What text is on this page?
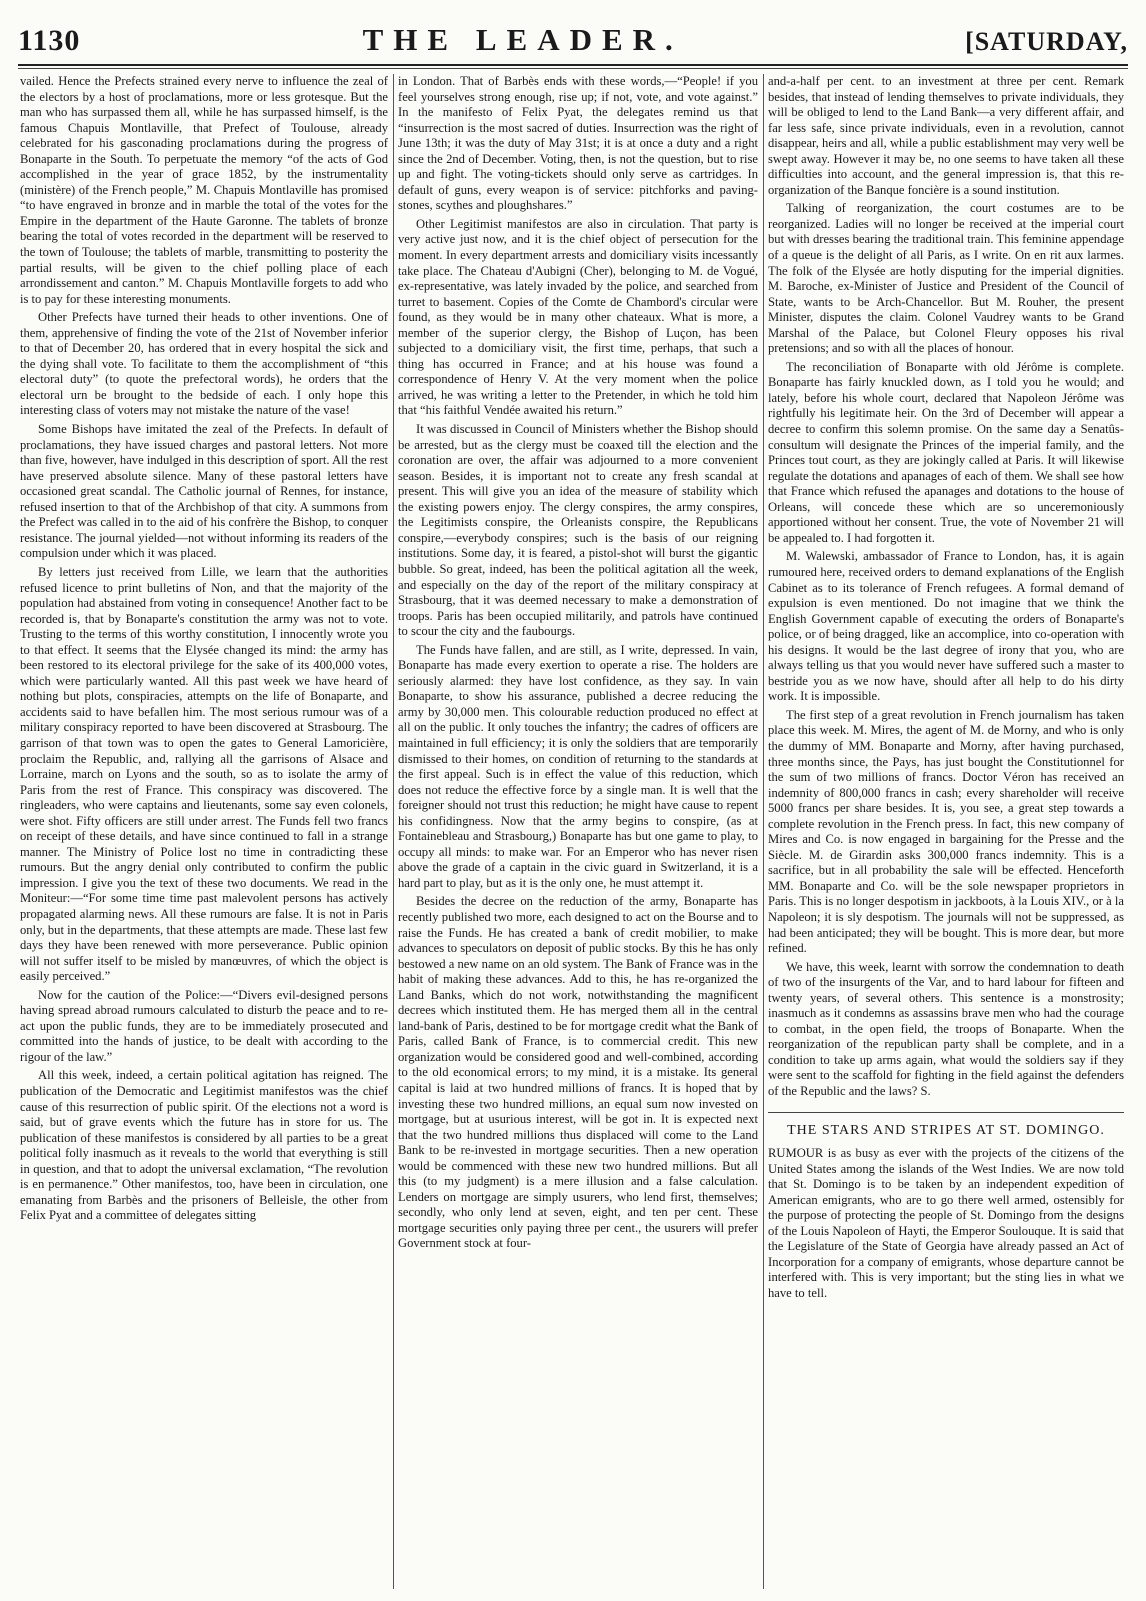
1130	THE LEADER.	[SATURDAY,

vailed. Hence the Prefects strained every nerve to influence the zeal of the electors by a host of proclamations, more or less grotesque. But the man who has surpassed them all, while he has surpassed himself, is the famous Chapuis Montlaville, that Prefect of Toulouse, already celebrated for his gasconading proclamations during the progress of Bonaparte in the South. To perpetuate the memory “of the acts of God accomplished in the year of grace 1852, by the instrumentality (ministère) of the French people,” M. Chapuis Montlaville has promised “to have engraved in bronze and in marble the total of the votes for the Empire in the department of the Haute Garonne. The tablets of bronze bearing the total of votes recorded in the department will be reserved to the town of Toulouse; the tablets of marble, transmitting to posterity the partial results, will be given to the chief polling place of each arrondissement and canton.” M. Chapuis Montlaville forgets to add who is to pay for these interesting monuments.

Other Prefects have turned their heads to other inventions. One of them, apprehensive of finding the vote of the 21st of November inferior to that of December 20, has ordered that in every hospital the sick and the dying shall vote. To facilitate to them the accomplishment of “this electoral duty” (to quote the prefectoral words), he orders that the electoral urn be brought to the bedside of each. I only hope this interesting class of voters may not mistake the nature of the vase!

Some Bishops have imitated the zeal of the Prefects. In default of proclamations, they have issued charges and pastoral letters. Not more than five, however, have indulged in this description of sport. All the rest have preserved absolute silence. Many of these pastoral letters have occasioned great scandal. The Catholic journal of Rennes, for instance, refused insertion to that of the Archbishop of that city. A summons from the Prefect was called in to the aid of his confrère the Bishop, to conquer resistance. The journal yielded—not without informing its readers of the compulsion under which it was placed.

By letters just received from Lille, we learn that the authorities refused licence to print bulletins of Non, and that the majority of the population had abstained from voting in consequence! Another fact to be recorded is, that by Bonaparte's constitution the army was not to vote. Trusting to the terms of this worthy constitution, I innocently wrote you to that effect. It seems that the Elysée changed its mind: the army has been restored to its electoral privilege for the sake of its 400,000 votes, which were particularly wanted. All this past week we have heard of nothing but plots, conspiracies, attempts on the life of Bonaparte, and accidents said to have befallen him. The most serious rumour was of a military conspiracy reported to have been discovered at Strasbourg. The garrison of that town was to open the gates to General Lamoricière, proclaim the Republic, and, rallying all the garrisons of Alsace and Lorraine, march on Lyons and the south, so as to isolate the army of Paris from the rest of France. This conspiracy was discovered. The ringleaders, who were captains and lieutenants, some say even colonels, were shot. Fifty officers are still under arrest. The Funds fell two francs on receipt of these details, and have since continued to fall in a strange manner. The Ministry of Police lost no time in contradicting these rumours. But the angry denial only contributed to confirm the public impression. I give you the text of these two documents. We read in the Moniteur:—“For some time time past malevolent persons has actively propagated alarming news. All these rumours are false. It is not in Paris only, but in the departments, that these attempts are made. These last few days they have been renewed with more perseverance. Public opinion will not suffer itself to be misled by manœuvres, of which the object is easily perceived.”

Now for the caution of the Police:—“Divers evil-designed persons having spread abroad rumours calculated to disturb the peace and to re-act upon the public funds, they are to be immediately prosecuted and committed into the hands of justice, to be dealt with according to the rigour of the law.”

All this week, indeed, a certain political agitation has reigned. The publication of the Democratic and Legitimist manifestos was the chief cause of this resurrection of public spirit. Of the elections not a word is said, but of grave events which the future has in store for us. The publication of these manifestos is considered by all parties to be a great political folly inasmuch as it reveals to the world that everything is still in question, and that to adopt the universal exclamation, “The revolution is en permanence.” Other manifestos, too, have been in circulation, one emanating from Barbès and the prisoners of Belleisle, the other from Felix Pyat and a committee of delegates sitting

in London. That of Barbès ends with these words,—“People! if you feel yourselves strong enough, rise up; if not, vote, and vote against.” In the manifesto of Felix Pyat, the delegates remind us that “insurrection is the most sacred of duties. Insurrection was the right of June 13th; it was the duty of May 31st; it is at once a duty and a right since the 2nd of December. Voting, then, is not the question, but to rise up and fight. The voting-tickets should only serve as cartridges. In default of guns, every weapon is of service: pitchforks and paving-stones, scythes and ploughshares.”

Other Legitimist manifestos are also in circulation. That party is very active just now, and it is the chief object of persecution for the moment. In every department arrests and domiciliary visits incessantly take place. The Chateau d'Aubigni (Cher), belonging to M. de Vogué, ex-representative, was lately invaded by the police, and searched from turret to basement. Copies of the Comte de Chambord's circular were found, as they would be in many other chateaux. What is more, a member of the superior clergy, the Bishop of Luçon, has been subjected to a domiciliary visit, the first time, perhaps, that such a thing has occurred in France; and at his house was found a correspondence of Henry V. At the very moment when the police arrived, he was writing a letter to the Pretender, in which he told him that “his faithful Vendée awaited his return.”

It was discussed in Council of Ministers whether the Bishop should be arrested, but as the clergy must be coaxed till the election and the coronation are over, the affair was adjourned to a more convenient season. Besides, it is important not to create any fresh scandal at present. This will give you an idea of the measure of stability which the existing powers enjoy. The clergy conspires, the army conspires, the Legitimists conspire, the Orleanists conspire, the Republicans conspire,—everybody conspires; such is the basis of our reigning institutions. Some day, it is feared, a pistol-shot will burst the gigantic bubble. So great, indeed, has been the political agitation all the week, and especially on the day of the report of the military conspiracy at Strasbourg, that it was deemed necessary to make a demonstration of troops. Paris has been occupied militarily, and patrols have continued to scour the city and the faubourgs.

The Funds have fallen, and are still, as I write, depressed. In vain, Bonaparte has made every exertion to operate a rise. The holders are seriously alarmed: they have lost confidence, as they say. In vain Bonaparte, to show his assurance, published a decree reducing the army by 30,000 men. This colourable reduction produced no effect at all on the public. It only touches the infantry; the cadres of officers are maintained in full efficiency; it is only the soldiers that are temporarily dismissed to their homes, on condition of returning to the standards at the first appeal. Such is in effect the value of this reduction, which does not reduce the effective force by a single man. It is well that the foreigner should not trust this reduction; he might have cause to repent his confidingness. Now that the army begins to conspire, (as at Fontainebleau and Strasbourg,) Bonaparte has but one game to play, to occupy all minds: to make war. For an Emperor who has never risen above the grade of a captain in the civic guard in Switzerland, it is a hard part to play, but as it is the only one, he must attempt it.

Besides the decree on the reduction of the army, Bonaparte has recently published two more, each designed to act on the Bourse and to raise the Funds. He has created a bank of credit mobilier, to make advances to speculators on deposit of public stocks. By this he has only bestowed a new name on an old system. The Bank of France was in the habit of making these advances. Add to this, he has re-organized the Land Banks, which do not work, notwithstanding the magnificent decrees which instituted them. He has merged them all in the central land-bank of Paris, destined to be for mortgage credit what the Bank of Paris, called Bank of France, is to commercial credit. This new organization would be considered good and well-combined, according to the old economical errors; to my mind, it is a mistake. Its general capital is laid at two hundred millions of francs. It is hoped that by investing these two hundred millions, an equal sum now invested on mortgage, but at usurious interest, will be got in. It is expected next that the two hundred millions thus displaced will come to the Land Bank to be re-invested in mortgage securities. Then a new operation would be commenced with these new two hundred millions. But all this (to my judgment) is a mere illusion and a false calculation. Lenders on mortgage are simply usurers, who lend first, themselves; secondly, who only lend at seven, eight, and ten per cent. These mortgage securities only paying three per cent., the usurers will prefer Government stock at four-

and-a-half per cent. to an investment at three per cent. Remark besides, that instead of lending themselves to private individuals, they will be obliged to lend to the Land Bank—a very different affair, and far less safe, since private individuals, even in a revolution, cannot disappear, heirs and all, while a public establishment may very well be swept away. However it may be, no one seems to have taken all these difficulties into account, and the general impression is, that this re-organization of the Banque foncière is a sound institution.

Talking of reorganization, the court costumes are to be reorganized. Ladies will no longer be received at the imperial court but with dresses bearing the traditional train. This feminine appendage of a queue is the delight of all Paris, as I write. On en rit aux larmes. The folk of the Elysée are hotly disputing for the imperial dignities. M. Baroche, ex-Minister of Justice and President of the Council of State, wants to be Arch-Chancellor. But M. Rouher, the present Minister, disputes the claim. Colonel Vaudrey wants to be Grand Marshal of the Palace, but Colonel Fleury opposes his rival pretensions; and so with all the places of honour.

The reconciliation of Bonaparte with old Jérôme is complete. Bonaparte has fairly knuckled down, as I told you he would; and lately, before his whole court, declared that Napoleon Jérôme was rightfully his legitimate heir. On the 3rd of December will appear a decree to confirm this solemn promise. On the same day a Senatûs-consultum will designate the Princes of the imperial family, and the Princes tout court, as they are jokingly called at Paris. It will likewise regulate the dotations and apanages of each of them. We shall see how that France which refused the apanages and dotations to the house of Orleans, will concede these which are so unceremoniously apportioned without her consent. True, the vote of November 21 will be appealed to. I had forgotten it.

M. Walewski, ambassador of France to London, has, it is again rumoured here, received orders to demand explanations of the English Cabinet as to its tolerance of French refugees. A formal demand of expulsion is even mentioned. Do not imagine that we think the English Government capable of executing the orders of Bonaparte's police, or of being dragged, like an accomplice, into co-operation with his designs. It would be the last degree of irony that you, who are always telling us that you would never have suffered such a master to bestride you as we now have, should after all help to do his dirty work. It is impossible.

The first step of a great revolution in French journalism has taken place this week. M. Mires, the agent of M. de Morny, and who is only the dummy of MM. Bonaparte and Morny, after having purchased, three months since, the Pays, has just bought the Constitutionnel for the sum of two millions of francs. Doctor Véron has received an indemnity of 800,000 francs in cash; every shareholder will receive 5000 francs per share besides. It is, you see, a great step towards a complete revolution in the French press. In fact, this new company of Mires and Co. is now engaged in bargaining for the Presse and the Siècle. M. de Girardin asks 300,000 francs indemnity. This is a sacrifice, but in all probability the sale will be effected. Henceforth MM. Bonaparte and Co. will be the sole newspaper proprietors in Paris. This is no longer despotism in jackboots, à la Louis XIV., or à la Napoleon; it is sly despotism. The journals will not be suppressed, as had been anticipated; they will be bought. This is more dear, but more refined.

We have, this week, learnt with sorrow the condemnation to death of two of the insurgents of the Var, and to hard labour for fifteen and twenty years, of several others. This sentence is a monstrosity; inasmuch as it condemns as assassins brave men who had the courage to combat, in the open field, the troops of Bonaparte. When the reorganization of the republican party shall be complete, and in a condition to take up arms again, what would the soldiers say if they were sent to the scaffold for fighting in the field against the defenders of the Republic and the laws? S.

THE STARS AND STRIPES AT ST. DOMINGO.

RUMOUR is as busy as ever with the projects of the citizens of the United States among the islands of the West Indies. We are now told that St. Domingo is to be taken by an independent expedition of American emigrants, who are to go there well armed, ostensibly for the purpose of protecting the people of St. Domingo from the designs of the Louis Napoleon of Hayti, the Emperor Soulouque. It is said that the Legislature of the State of Georgia have already passed an Act of Incorporation for a company of emigrants, whose departure cannot be interfered with. This is very important; but the sting lies in what we have to tell.
